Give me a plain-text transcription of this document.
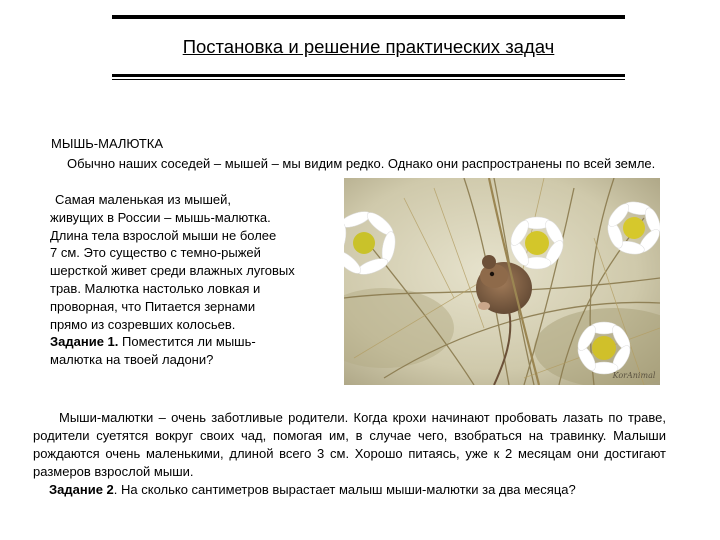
Постановка и решение практических задач
МЫШЬ-МАЛЮТКА
Обычно наших соседей – мышей – мы видим редко. Однако они распространены по всей земле.
Самая маленькая из мышей,
живущих в России – мышь-малютка.
Длина тела взрослой мыши не более
7 см. Это существо с темно-рыжей
шерсткой живет среди влажных луговых
трав. Малютка настолько ловкая и
проворная, что Питается зернами
прямо из созревших колосьев.
Задание 1. Поместится ли мышь-
малютка на твоей ладони?
KorAnimal
Мыши-малютки – очень заботливые родители. Когда крохи начинают пробовать лазать по траве, родители суетятся вокруг своих чад, помогая им, в случае чего, взобраться на травинку. Малыши рождаются очень маленькими, длиной всего 3 см. Хорошо питаясь, уже к 2 месяцам они достигают размеров взрослой мыши.
Задание 2. На сколько сантиметров вырастает малыш мыши-малютки за два месяца?
